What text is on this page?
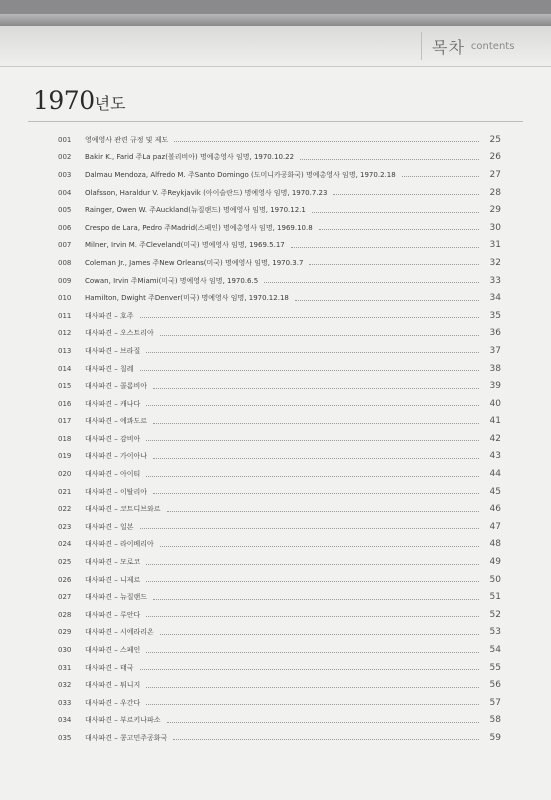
목차 contents
1970년도
001	영예영사 관련 규정 및 제도	25
002	Bakir K., Farid 주La paz(볼리비아) 명예총영사 임명, 1970.10.22	26
003	Dalmau Mendoza, Alfredo M. 주Santo Domingo (도미니카공화국) 명예총영사 임명, 1970.2.18	27
004	Olafsson, Haraldur V. 주Reykjavik (아이슬란드) 명예영사 임명, 1970.7.23	28
005	Rainger, Owen W. 주Auckland(뉴질랜드) 명예영사 임명, 1970.12.1	29
006	Crespo de Lara, Pedro 주Madrid(스페인) 명예총영사 임명, 1969.10.8	30
007	Milner, Irvin M. 주Cleveland(미국) 명예영사 임명, 1969.5.17	31
008	Coleman Jr., James 주New Orleans(미국) 명예영사 임명, 1970.3.7	32
009	Cowan, Irvin 주Miami(미국) 명예영사 임명, 1970.6.5	33
010	Hamilton, Dwight 주Denver(미국) 명예영사 임명, 1970.12.18	34
011	대사파견 – 호주	35
012	대사파견 – 오스트리아	36
013	대사파견 – 브라질	37
014	대사파견 – 칠레	38
015	대사파견 – 콜롬비아	39
016	대사파견 – 캐나다	40
017	대사파견 – 에콰도르	41
018	대사파견 – 감비아	42
019	대사파견 – 가이아나	43
020	대사파견 – 아이티	44
021	대사파견 – 이탈리아	45
022	대사파견 – 코트디브와르	46
023	대사파견 – 일본	47
024	대사파견 – 라이베리아	48
025	대사파견 – 모로코	49
026	대사파견 – 니제르	50
027	대사파견 – 뉴질랜드	51
028	대사파견 – 루안다	52
029	대사파견 – 시에라리온	53
030	대사파견 – 스페인	54
031	대사파견 – 태국	55
032	대사파견 – 튀니지	56
033	대사파견 – 우간다	57
034	대사파견 – 부르키나파소	58
035	대사파견 – 콩고민주공화국	59
